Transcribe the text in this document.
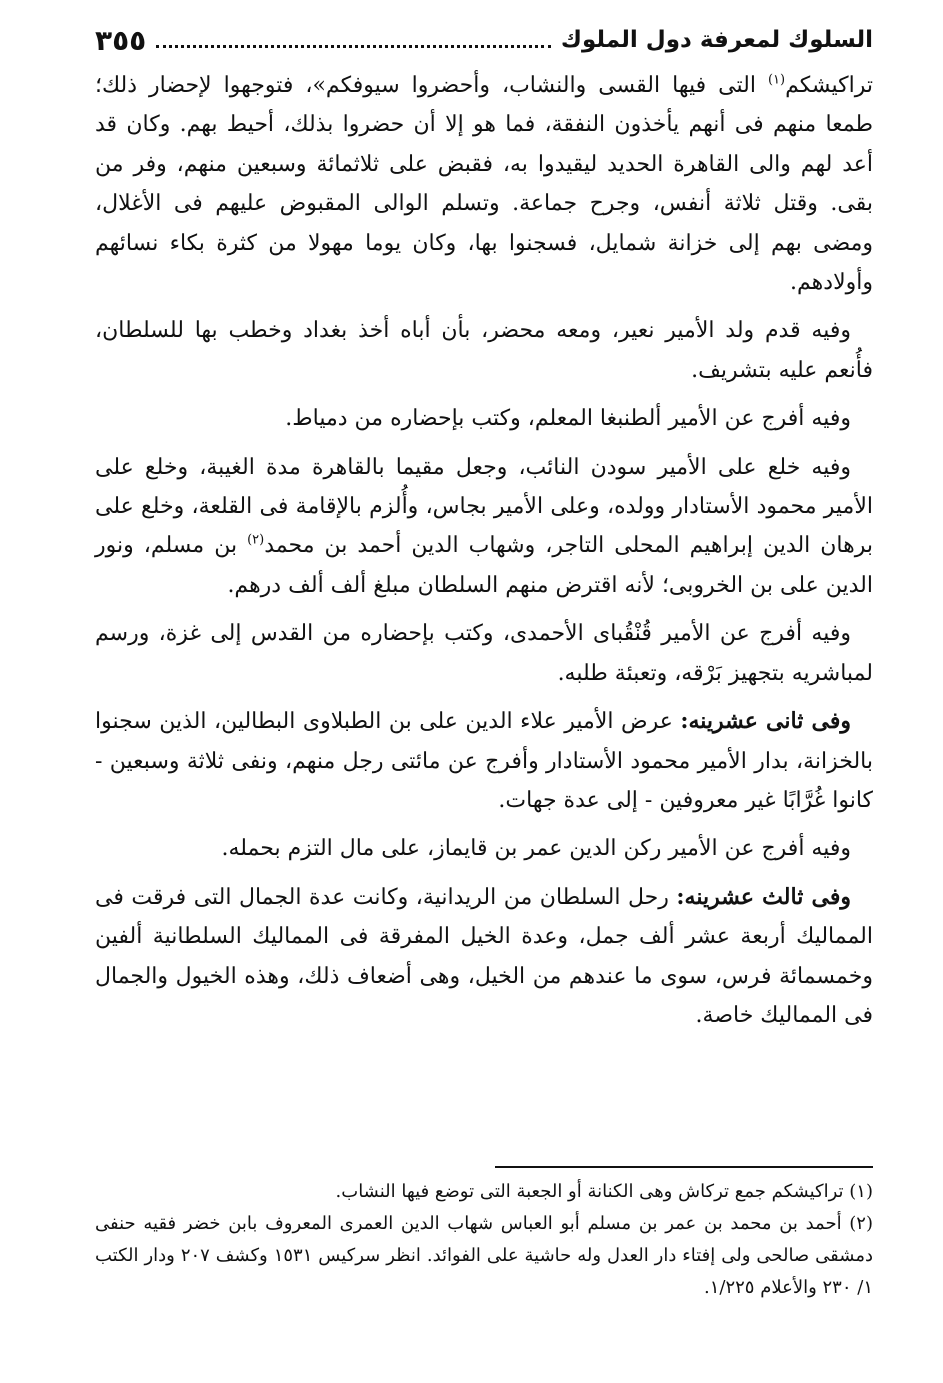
السلوك لمعرفة دول الملوك
٣٥٥

تراكيشكم$^{(١)}$ التى فيها القسى والنشاب، وأحضروا سيوفكم»، فتوجهوا لإحضار ذلك؛ طمعا منهم فى أنهم يأخذون النفقة، فما هو إلا أن حضروا بذلك، أحيط بهم. وكان قد أعد لهم والى القاهرة الحديد ليقيدوا به، فقبض على ثلاثمائة وسبعين منهم، وفر من بقى. وقتل ثلاثة أنفس، وجرح جماعة. وتسلم الوالى المقبوض عليهم فى الأغلال، ومضى بهم إلى خزانة شمايل، فسجنوا بها، وكان يوما مهولا من كثرة بكاء نسائهم وأولادهم.

وفيه قدم ولد الأمير نعير، ومعه محضر، بأن أباه أخذ بغداد وخطب بها للسلطان، فأُنعم عليه بتشريف.

وفيه أفرج عن الأمير ألطنبغا المعلم، وكتب بإحضاره من دمياط.

وفيه خلع على الأمير سودن النائب، وجعل مقيما بالقاهرة مدة الغيبة، وخلع على الأمير محمود الأستادار وولده، وعلى الأمير بجاس، وأُلزم بالإقامة فى القلعة، وخلع على برهان الدين إبراهيم المحلى التاجر، وشهاب الدين أحمد بن محمد$^{(٢)}$ بن مسلم، ونور الدين على بن الخروبى؛ لأنه اقترض منهم السلطان مبلغ ألف ألف درهم.

وفيه أفرج عن الأمير قُنْقُباى الأحمدى، وكتب بإحضاره من القدس إلى غزة، ورسم لمباشريه بتجهيز بَرْقه، وتعبئة طلبه.

وفى ثانى عشرينه: عرض الأمير علاء الدين على بن الطبلاوى البطالين، الذين سجنوا بالخزانة، بدار الأمير محمود الأستادار وأفرج عن مائتى رجل منهم، ونفى ثلاثة وسبعين - كانوا غُرَّابًا غير معروفين - إلى عدة جهات.

وفيه أفرج عن الأمير ركن الدين عمر بن قايماز، على مال التزم بحمله.

وفى ثالث عشرينه: رحل السلطان من الريدانية، وكانت عدة الجمال التى فرقت فى المماليك أربعة عشر ألف جمل، وعدة الخيل المفرقة فى المماليك السلطانية ألفين وخمسمائة فرس، سوى ما عندهم من الخيل، وهى أضعاف ذلك، وهذه الخيول والجمال فى المماليك خاصة.

(١) تراكيشكم جمع تركاش وهى الكنانة أو الجعبة التى توضع فيها النشاب.

(٢) أحمد بن محمد بن عمر بن مسلم أبو العباس شهاب الدين العمرى المعروف بابن خضر فقيه حنفى دمشقى صالحى ولى إفتاء دار العدل وله حاشية على الفوائد. انظر سركيس ١٥٣١ وكشف ٢٠٧ ودار الكتب ١/ ٢٣٠ والأعلام ١/٢٢٥.
